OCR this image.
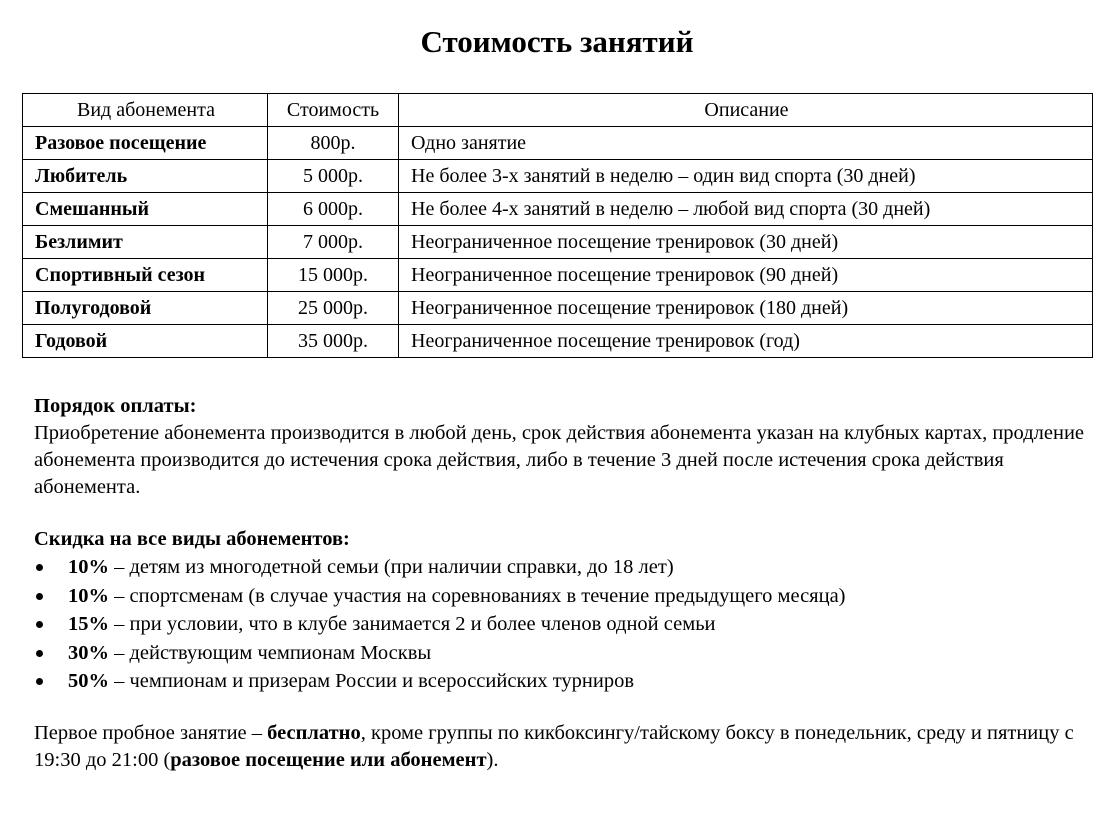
Стоимость занятий
Вид абонемента	Стоимость	Описание
Разовое посещение	800р.	Одно занятие
Любитель	5 000р.	Не более 3-х занятий в неделю – один вид спорта (30 дней)
Смешанный	6 000р.	Не более 4-х занятий в неделю – любой вид спорта (30 дней)
Безлимит	7 000р.	Неограниченное посещение тренировок (30 дней)
Спортивный сезон	15 000р.	Неограниченное посещение тренировок (90 дней)
Полугодовой	25 000р.	Неограниченное посещение тренировок (180 дней)
Годовой	35 000р.	Неограниченное посещение тренировок (год)
Порядок оплаты:
Приобретение абонемента производится в любой день, срок действия абонемента указан на клубных картах, продление абонемента производится до истечения срока действия, либо в течение 3 дней после истечения срока действия абонемента.
Скидка на все виды абонементов:
10% – детям из многодетной семьи (при наличии справки, до 18 лет)
10% – спортсменам (в случае участия на соревнованиях в течение предыдущего месяца)
15% – при условии, что в клубе занимается 2 и более членов одной семьи
30% – действующим чемпионам Москвы
50% – чемпионам и призерам России и всероссийских турниров
Первое пробное занятие – бесплатно, кроме группы по кикбоксингу/тайскому боксу в понедельник, среду и пятницу с 19:30 до 21:00 (разовое посещение или абонемент).
